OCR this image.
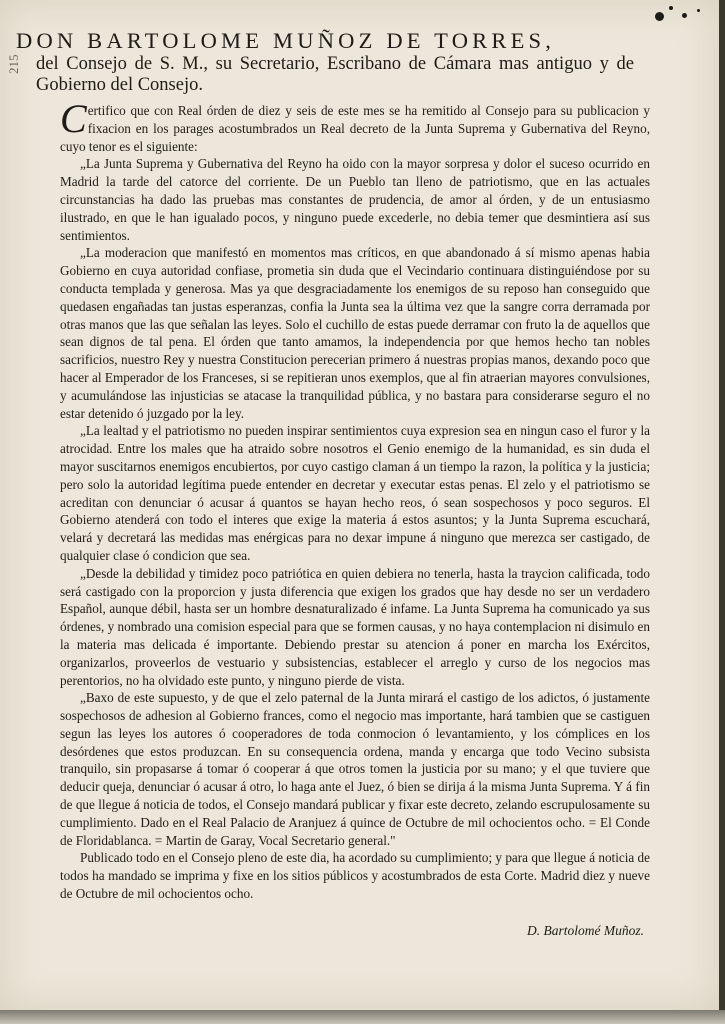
215
DON BARTOLOME MUÑOZ DE TORRES,

del Consejo de S. M., su Secretario, Escribano de Cámara mas antiguo y de Gobierno del Consejo.

Certifico que con Real órden de diez y seis de este mes se ha remitido al Consejo para su publicacion y fixacion en los parages acostumbrados un Real decreto de la Junta Suprema y Gubernativa del Reyno, cuyo tenor es el siguiente:

„La Junta Suprema y Gubernativa del Reyno ha oido con la mayor sorpresa y dolor el suceso ocurrido en Madrid la tarde del catorce del corriente. De un Pueblo tan lleno de patriotismo, que en las actuales circunstancias ha dado las pruebas mas constantes de prudencia, de amor al órden, y de un entusiasmo ilustrado, en que le han igualado pocos, y ninguno puede excederle, no debia temer que desmintiera así sus sentimientos.

„La moderacion que manifestó en momentos mas críticos, en que abandonado á sí mismo apenas habia Gobierno en cuya autoridad confiase, prometia sin duda que el Vecindario continuara distinguiéndose por su conducta templada y generosa. Mas ya que desgraciadamente los enemigos de su reposo han conseguido que quedasen engañadas tan justas esperanzas, confia la Junta sea la última vez que la sangre corra derramada por otras manos que las que señalan las leyes. Solo el cuchillo de estas puede derramar con fruto la de aquellos que sean dignos de tal pena. El órden que tanto amamos, la independencia por que hemos hecho tan nobles sacrificios, nuestro Rey y nuestra Constitucion perecerian primero á nuestras propias manos, dexando poco que hacer al Emperador de los Franceses, si se repitieran unos exemplos, que al fin atraerian mayores convulsiones, y acumulándose las injusticias se atacase la tranquilidad pública, y no bastara para considerarse seguro el no estar detenido ó juzgado por la ley.

„La lealtad y el patriotismo no pueden inspirar sentimientos cuya expresion sea en ningun caso el furor y la atrocidad. Entre los males que ha atraido sobre nosotros el Genio enemigo de la humanidad, es sin duda el mayor suscitarnos enemigos encubiertos, por cuyo castigo claman á un tiempo la razon, la política y la justicia; pero solo la autoridad legítima puede entender en decretar y executar estas penas. El zelo y el patriotismo se acreditan con denunciar ó acusar á quantos se hayan hecho reos, ó sean sospechosos y poco seguros. El Gobierno atenderá con todo el interes que exige la materia á estos asuntos; y la Junta Suprema escuchará, velará y decretará las medidas mas enérgicas para no dexar impune á ninguno que merezca ser castigado, de qualquier clase ó condicion que sea.

„Desde la debilidad y timidez poco patriótica en quien debiera no tenerla, hasta la traycion calificada, todo será castigado con la proporcion y justa diferencia que exigen los grados que hay desde no ser un verdadero Español, aunque débil, hasta ser un hombre desnaturalizado é infame. La Junta Suprema ha comunicado ya sus órdenes, y nombrado una comision especial para que se formen causas, y no haya contemplacion ni disimulo en la materia mas delicada é importante. Debiendo prestar su atencion á poner en marcha los Exércitos, organizarlos, proveerlos de vestuario y subsistencias, establecer el arreglo y curso de los negocios mas perentorios, no ha olvidado este punto, y ninguno pierde de vista.

„Baxo de este supuesto, y de que el zelo paternal de la Junta mirará el castigo de los adictos, ó justamente sospechosos de adhesion al Gobierno frances, como el negocio mas importante, hará tambien que se castiguen segun las leyes los autores ó cooperadores de toda conmocion ó levantamiento, y los cómplices en los desórdenes que estos produzcan. En su consequencia ordena, manda y encarga que todo Vecino subsista tranquilo, sin propasarse á tomar ó cooperar á que otros tomen la justicia por su mano; y el que tuviere que deducir queja, denunciar ó acusar á otro, lo haga ante el Juez, ó bien se dirija á la misma Junta Suprema. Y á fin de que llegue á noticia de todos, el Consejo mandará publicar y fixar este decreto, zelando escrupulosamente su cumplimiento. Dado en el Real Palacio de Aranjuez á quince de Octubre de mil ochocientos ocho. = El Conde de Floridablanca. = Martin de Garay, Vocal Secretario general."

Publicado todo en el Consejo pleno de este dia, ha acordado su cumplimiento; y para que llegue á noticia de todos ha mandado se imprima y fixe en los sitios públicos y acostumbrados de esta Corte. Madrid diez y nueve de Octubre de mil ochocientos ocho.

D. Bartolomé Muñoz.
